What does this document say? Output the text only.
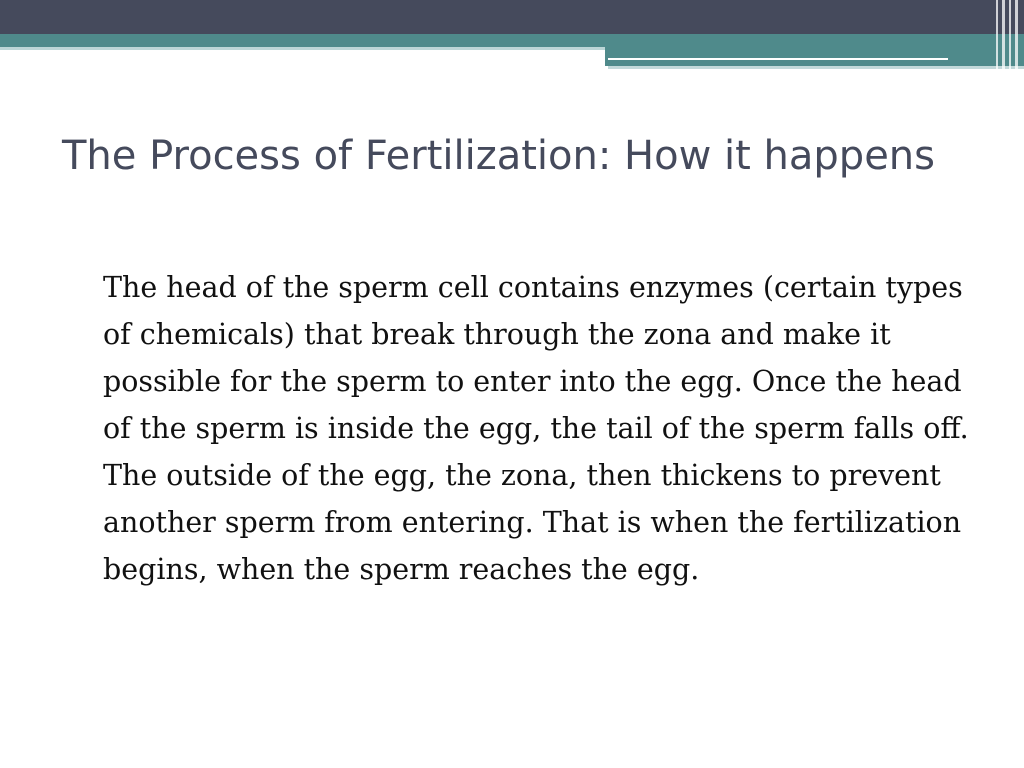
The Process of Fertilization: How it happens

The head of the sperm cell contains enzymes (certain types of chemicals) that break through the zona and make it possible for the sperm to enter into the egg. Once the head of the sperm is inside the egg, the tail of the sperm falls off. The outside of the egg, the zona, then thickens to prevent another sperm from entering. That is when the fertilization begins, when the sperm reaches the egg.
